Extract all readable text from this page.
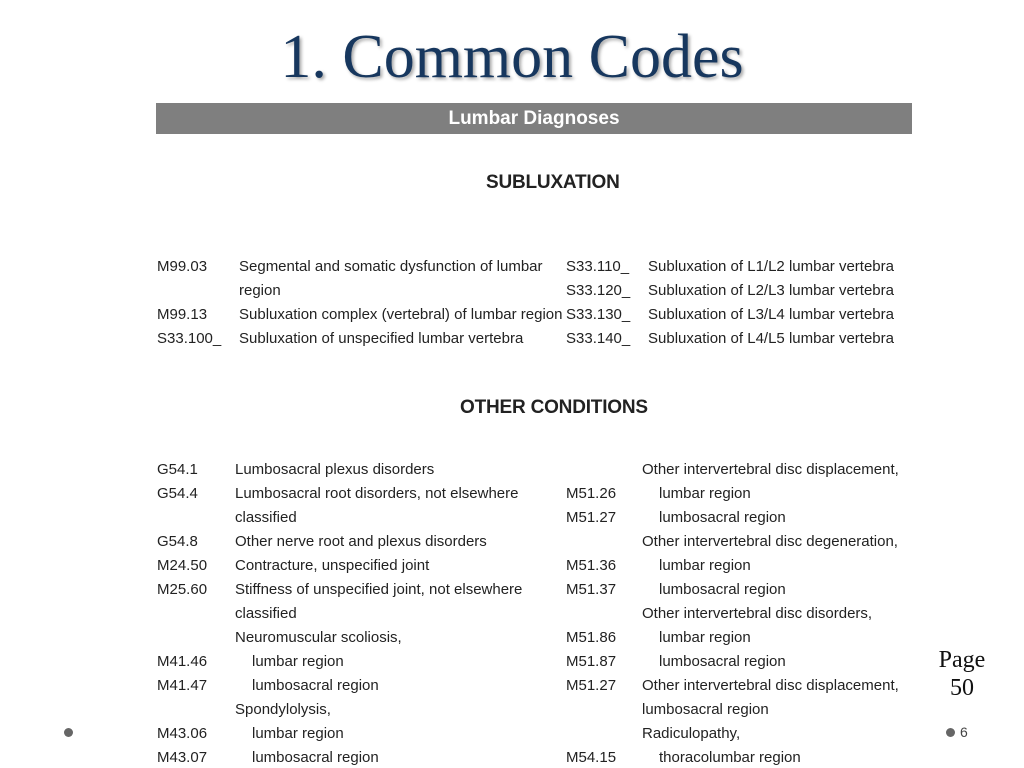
1. Common Codes
Lumbar Diagnoses
SUBLUXATION
M99.03 Segmental and somatic dysfunction of lumbar
region
M99.13 Subluxation complex (vertebral) of lumbar region
S33.100_ Subluxation of unspecified lumbar vertebra
S33.110_ Subluxation of L1/L2 lumbar vertebra
S33.120_ Subluxation of L2/L3 lumbar vertebra
S33.130_ Subluxation of L3/L4 lumbar vertebra
S33.140_ Subluxation of L4/L5 lumbar vertebra
OTHER CONDITIONS
G54.1 Lumbosacral plexus disorders
G54.4 Lumbosacral root disorders, not elsewhere
classified
G54.8 Other nerve root and plexus disorders
M24.50 Contracture, unspecified joint
M25.60 Stiffness of unspecified joint, not elsewhere
classified
Neuromuscular scoliosis,
M41.46	lumbar region
M41.47	lumbosacral region
Spondylolysis,
M43.06	lumbar region
M43.07	lumbosacral region
Other intervertebral disc displacement,
M51.26	lumbar region
M51.27	lumbosacral region
Other intervertebral disc degeneration,
M51.36	lumbar region
M51.37	lumbosacral region
Other intervertebral disc disorders,
M51.86	lumbar region
M51.87	lumbosacral region
M51.27 Other intervertebral disc displacement,
lumbosacral region
Radiculopathy,
M54.15	thoracolumbar region
Page
50
6
